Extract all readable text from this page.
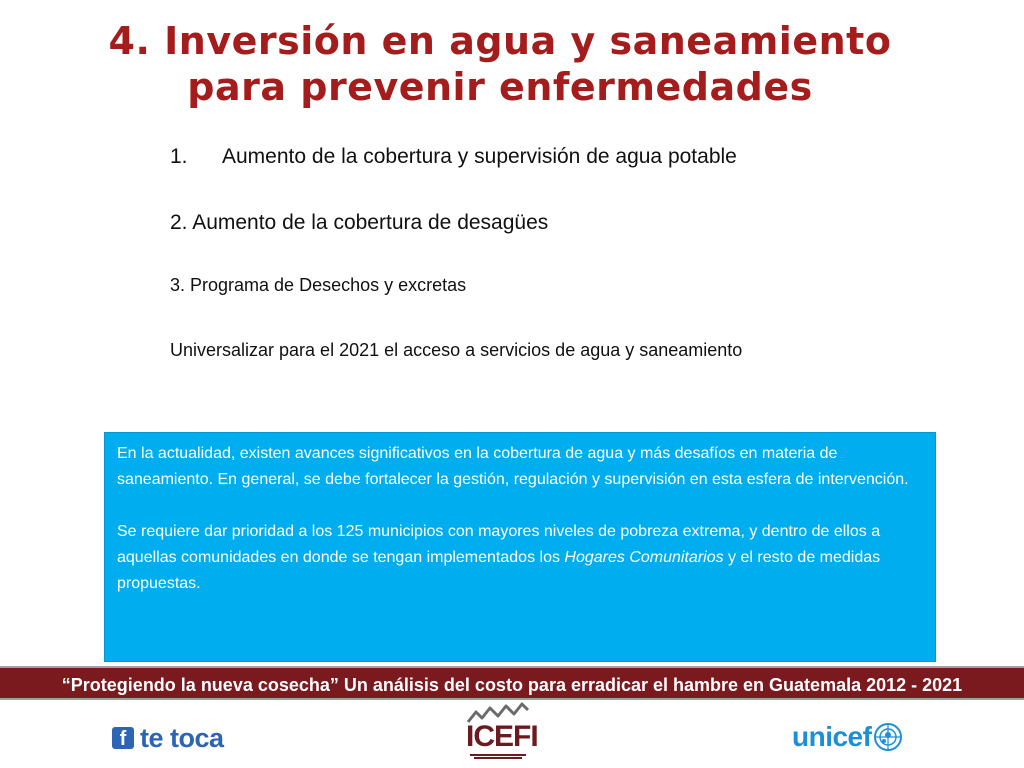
4. Inversión en agua y saneamiento
para prevenir enfermedades
1. Aumento de la cobertura y supervisión de agua potable
2. Aumento de la cobertura de desagües
3. Programa de Desechos y excretas
Universalizar para el 2021 el acceso a servicios de agua y saneamiento

En la actualidad, existen avances significativos en la cobertura de agua y más desafíos en materia de saneamiento. En general, se debe fortalecer la gestión, regulación y supervisión en esta esfera de intervención.

Se requiere dar prioridad a los 125 municipios con mayores niveles de pobreza extrema, y dentro de ellos a aquellas comunidades en donde se tengan implementados los Hogares Comunitarios y el resto de medidas propuestas.

“Protegiendo la nueva cosecha” Un análisis del costo para erradicar el hambre en Guatemala 2012 - 2021
f te toca	ICEFI	unicef
